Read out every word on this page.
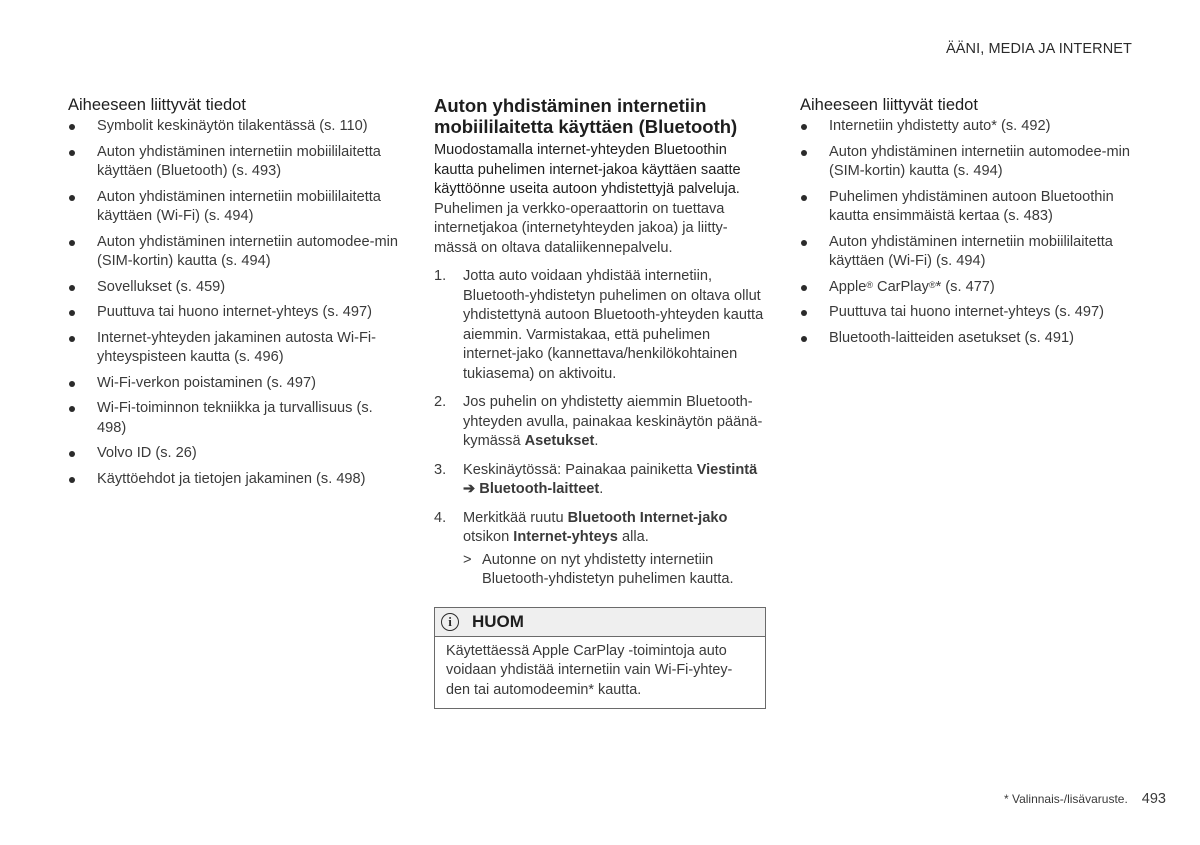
ÄÄNI, MEDIA JA INTERNET
Aiheeseen liittyvät tiedot
Symbolit keskinäytön tilakentässä (s. 110)
Auton yhdistäminen internetiin mobiililaitetta käyttäen (Bluetooth) (s. 493)
Auton yhdistäminen internetiin mobiililaitetta käyttäen (Wi-Fi) (s. 494)
Auton yhdistäminen internetiin automodee-min (SIM-kortin) kautta (s. 494)
Sovellukset (s. 459)
Puuttuva tai huono internet-yhteys (s. 497)
Internet-yhteyden jakaminen autosta Wi-Fi-yhteyspisteen kautta (s. 496)
Wi-Fi-verkon poistaminen (s. 497)
Wi-Fi-toiminnon tekniikka ja turvallisuus (s. 498)
Volvo ID (s. 26)
Käyttöehdot ja tietojen jakaminen (s. 498)
Auton yhdistäminen internetiin mobiililaitetta käyttäen (Bluetooth)

Muodostamalla internet-yhteyden Bluetoothin kautta puhelimen internet-jakoa käyttäen saatte käyttöönne useita autoon yhdistettyjä palveluja.

Puhelimen ja verkko-operaattorin on tuettava internetjakoa (internetyhteyden jakoa) ja liitty-mässä on oltava dataliikennepalvelu.

1. Jotta auto voidaan yhdistää internetiin, Bluetooth-yhdistetyn puhelimen on oltava ollut yhdistettynä autoon Bluetooth-yhteyden kautta aiemmin. Varmistakaa, että puhelimen internet-jako (kannettava/henkilökohtainen tukiasema) on aktivoitu.
2. Jos puhelin on yhdistetty aiemmin Bluetooth-yhteyden avulla, painakaa keskinäytön päänä-kymässä Asetukset.
3. Keskinäytössä: Painakaa painiketta Viestintä
➔ Bluetooth-laitteet.
4. Merkitkää ruutu Bluetooth Internet-jako
otsikon Internet-yhteys alla.
> Autonne on nyt yhdistetty internetiin Bluetooth-yhdistetyn puhelimen kautta.
i	HUOM
Käytettäessä Apple CarPlay -toimintoja auto voidaan yhdistää internetiin vain Wi-Fi-yhtey-den tai automodeemin* kautta.
Aiheeseen liittyvät tiedot
Internetiin yhdistetty auto* (s. 492)
Auton yhdistäminen internetiin automodee-min (SIM-kortin) kautta (s. 494)
Puhelimen yhdistäminen autoon Bluetoothin kautta ensimmäistä kertaa (s. 483)
Auton yhdistäminen internetiin mobiililaitetta käyttäen (Wi-Fi) (s. 494)
Apple® CarPlay®* (s. 477)
Puuttuva tai huono internet-yhteys (s. 497)
Bluetooth-laitteiden asetukset (s. 491)
* Valinnais-/lisävaruste. 493
